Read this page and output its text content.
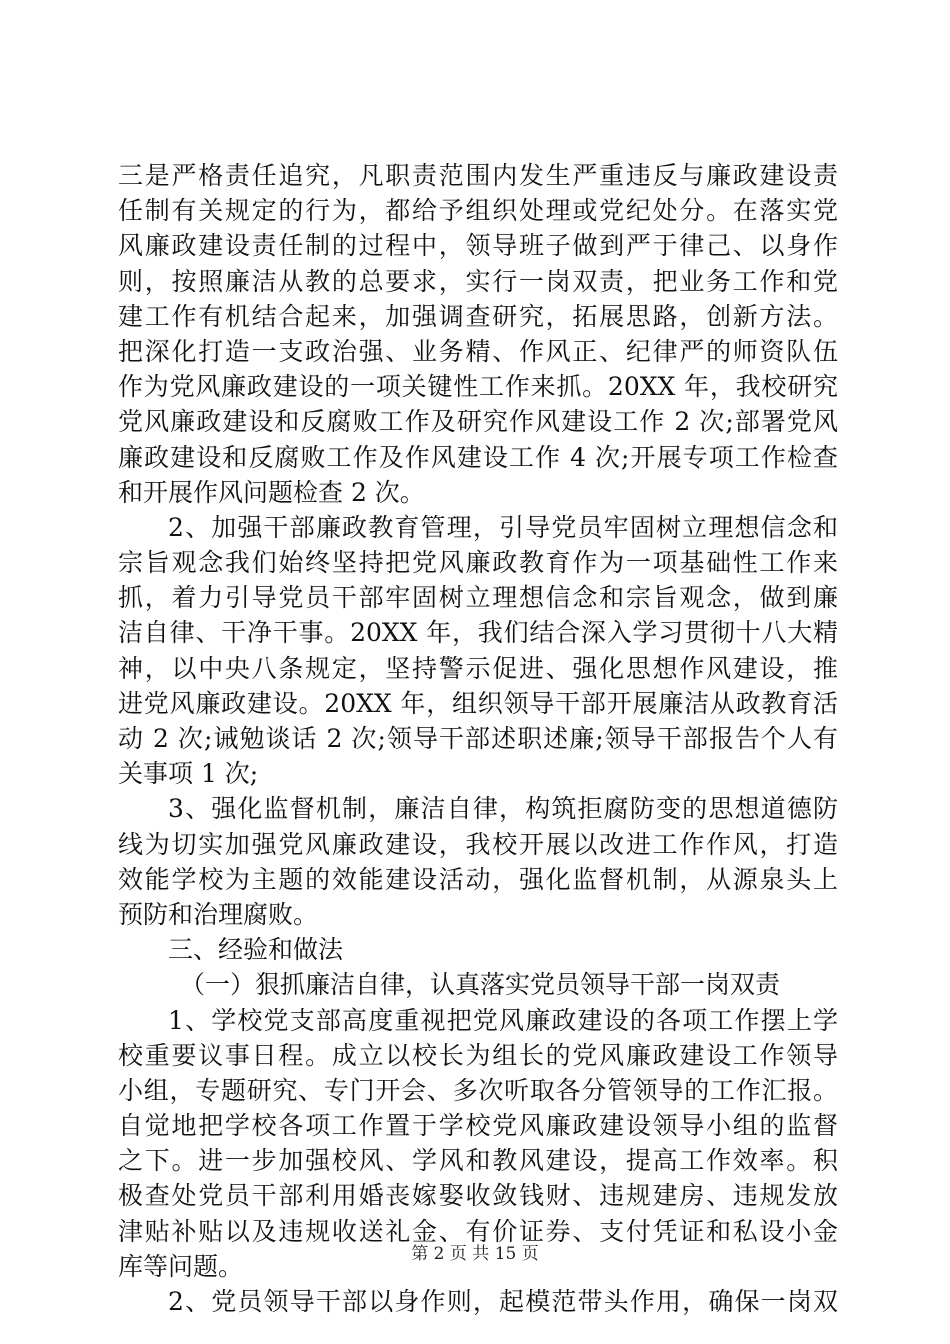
三是严格责任追究，凡职责范围内发生严重违反与廉政建设责
任制有关规定的行为，都给予组织处理或党纪处分。在落实党
风廉政建设责任制的过程中，领导班子做到严于律己、以身作
则，按照廉洁从教的总要求，实行一岗双责，把业务工作和党
建工作有机结合起来，加强调查研究，拓展思路，创新方法。
把深化打造一支政治强、业务精、作风正、纪律严的师资队伍
作为党风廉政建设的一项关键性工作来抓。20XX 年，我校研究
党风廉政建设和反腐败工作及研究作风建设工作 2 次;部署党风
廉政建设和反腐败工作及作风建设工作 4 次;开展专项工作检查
和开展作风问题检查 2 次。
2、加强干部廉政教育管理，引导党员牢固树立理想信念和
宗旨观念我们始终坚持把党风廉政教育作为一项基础性工作来
抓，着力引导党员干部牢固树立理想信念和宗旨观念，做到廉
洁自律、干净干事。20XX 年，我们结合深入学习贯彻十八大精
神，以中央八条规定，坚持警示促进、强化思想作风建设，推
进党风廉政建设。20XX 年，组织领导干部开展廉洁从政教育活
动 2 次;诫勉谈话 2 次;领导干部述职述廉;领导干部报告个人有
关事项 1 次;
3、强化监督机制，廉洁自律，构筑拒腐防变的思想道德防
线为切实加强党风廉政建设，我校开展以改进工作作风，打造
效能学校为主题的效能建设活动，强化监督机制，从源泉头上
预防和治理腐败。
三、经验和做法
（一）狠抓廉洁自律，认真落实党员领导干部一岗双责
1、学校党支部高度重视把党风廉政建设的各项工作摆上学
校重要议事日程。成立以校长为组长的党风廉政建设工作领导
小组，专题研究、专门开会、多次听取各分管领导的工作汇报。
自觉地把学校各项工作置于学校党风廉政建设领导小组的监督
之下。进一步加强校风、学风和教风建设，提高工作效率。积
极查处党员干部利用婚丧嫁娶收敛钱财、违规建房、违规发放
津贴补贴以及违规收送礼金、有价证券、支付凭证和私设小金
库等问题。
2、党员领导干部以身作则，起模范带头作用，确保一岗双
第 2 页 共 15 页
